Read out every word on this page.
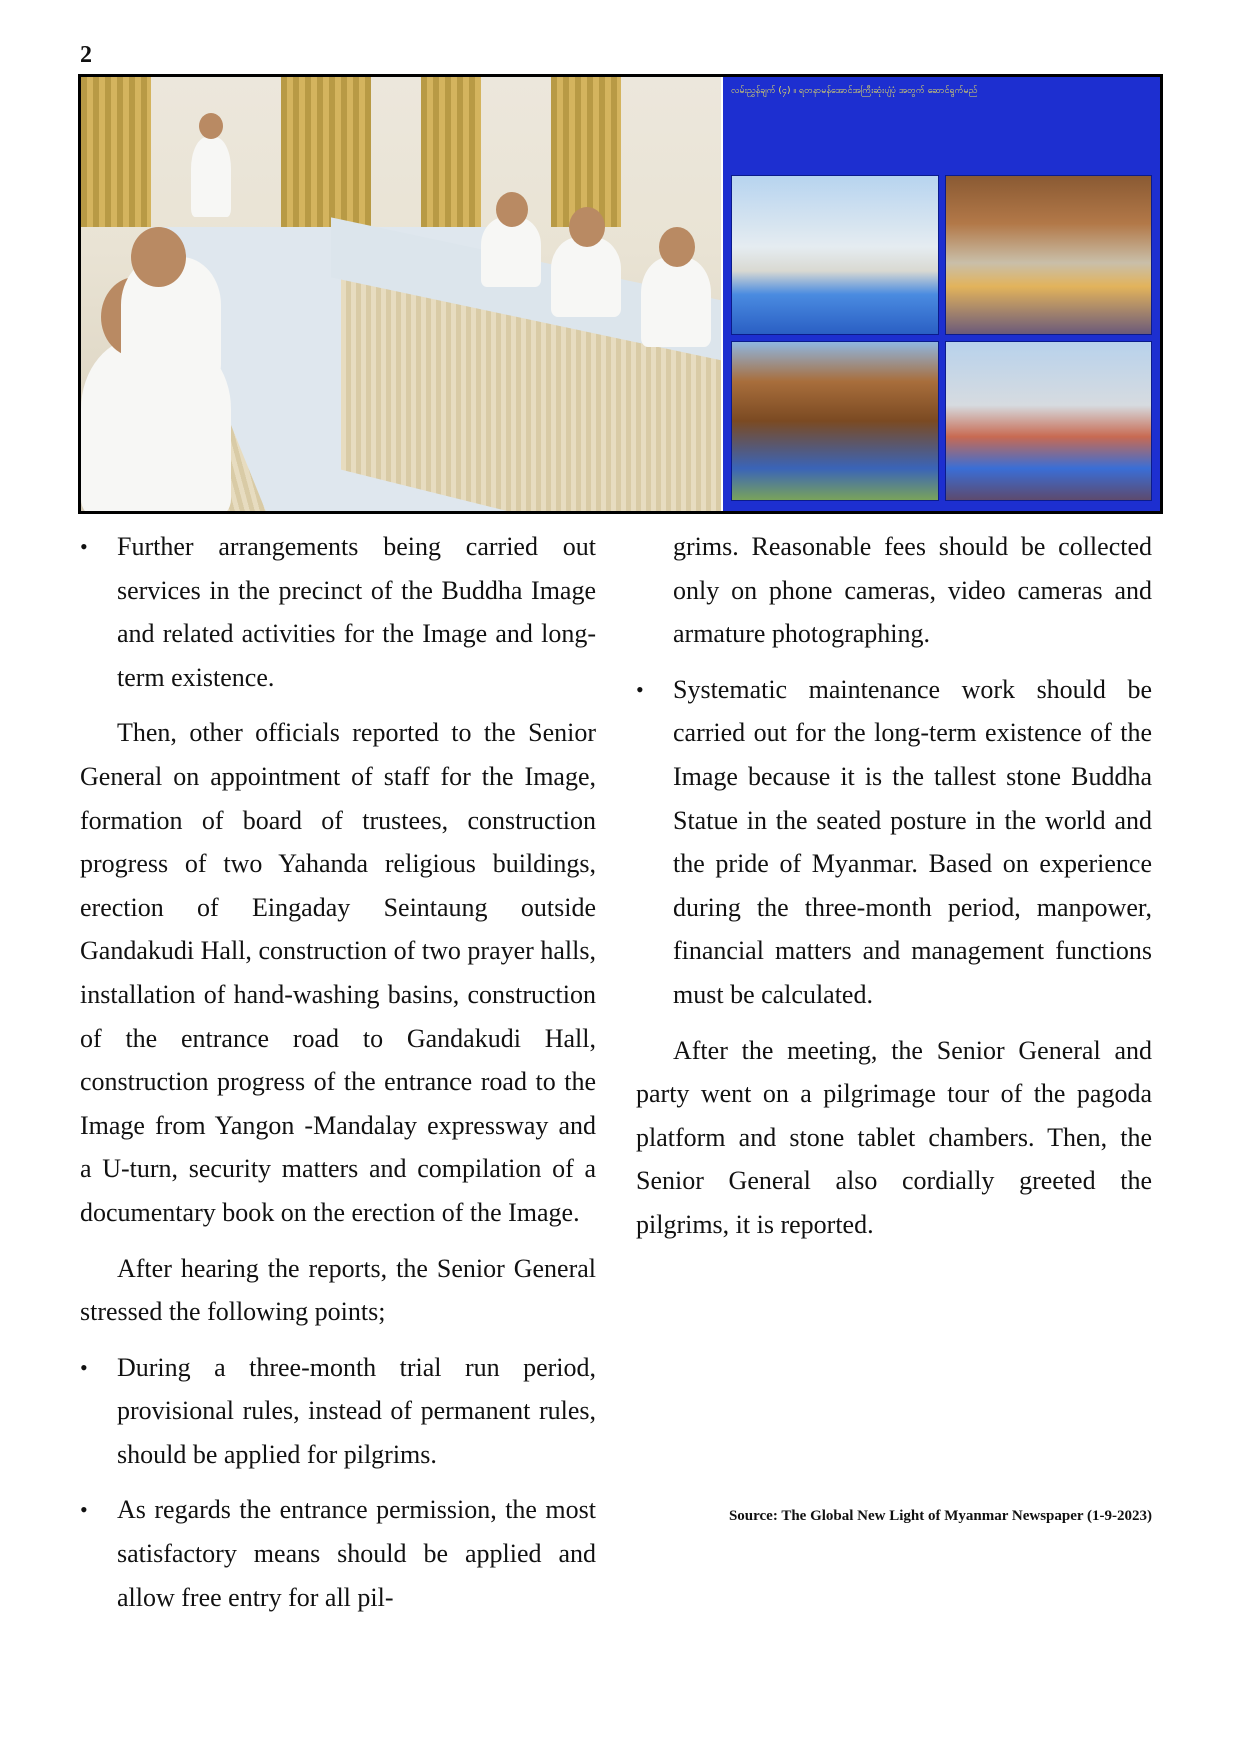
2
လမ်းညွှန်ချက် (၄) ။ ရတနာမန်အောင်အကြီးဆုံးပျံပုံ အတွက် ဆောင်ရွက်မည်

• Further arrangements being carried out services in the precinct of the Buddha Image and related activities for the Image and long-term existence.

Then, other officials reported to the Senior General on appointment of staff for the Image, formation of board of trustees, construction progress of two Yahanda religious buildings, erection of Eingaday Seintaung outside Gandakudi Hall, construction of two prayer halls, installation of hand-washing basins, construction of the entrance road to Gandakudi Hall, construction progress of the entrance road to the Image from Yangon -Mandalay expressway and a U-turn, security matters and compilation of a documentary book on the erection of the Image.

After hearing the reports, the Senior General stressed the following points;

• During a three-month trial run period, provisional rules, instead of permanent rules, should be applied for pilgrims.

• As regards the entrance permission, the most satisfactory means should be applied and allow free entry for all pil-

grims. Reasonable fees should be collected only on phone cameras, video cameras and armature photographing.

• Systematic maintenance work should be carried out for the long-term existence of the Image because it is the tallest stone Buddha Statue in the seated posture in the world and the pride of Myanmar. Based on experience during the three-month period, manpower, financial matters and management functions must be calculated.

After the meeting, the Senior General and party went on a pilgrimage tour of the pagoda platform and stone tablet chambers. Then, the Senior General also cordially greeted the pilgrims, it is reported.

Source: The Global New Light of Myanmar Newspaper (1-9-2023)
